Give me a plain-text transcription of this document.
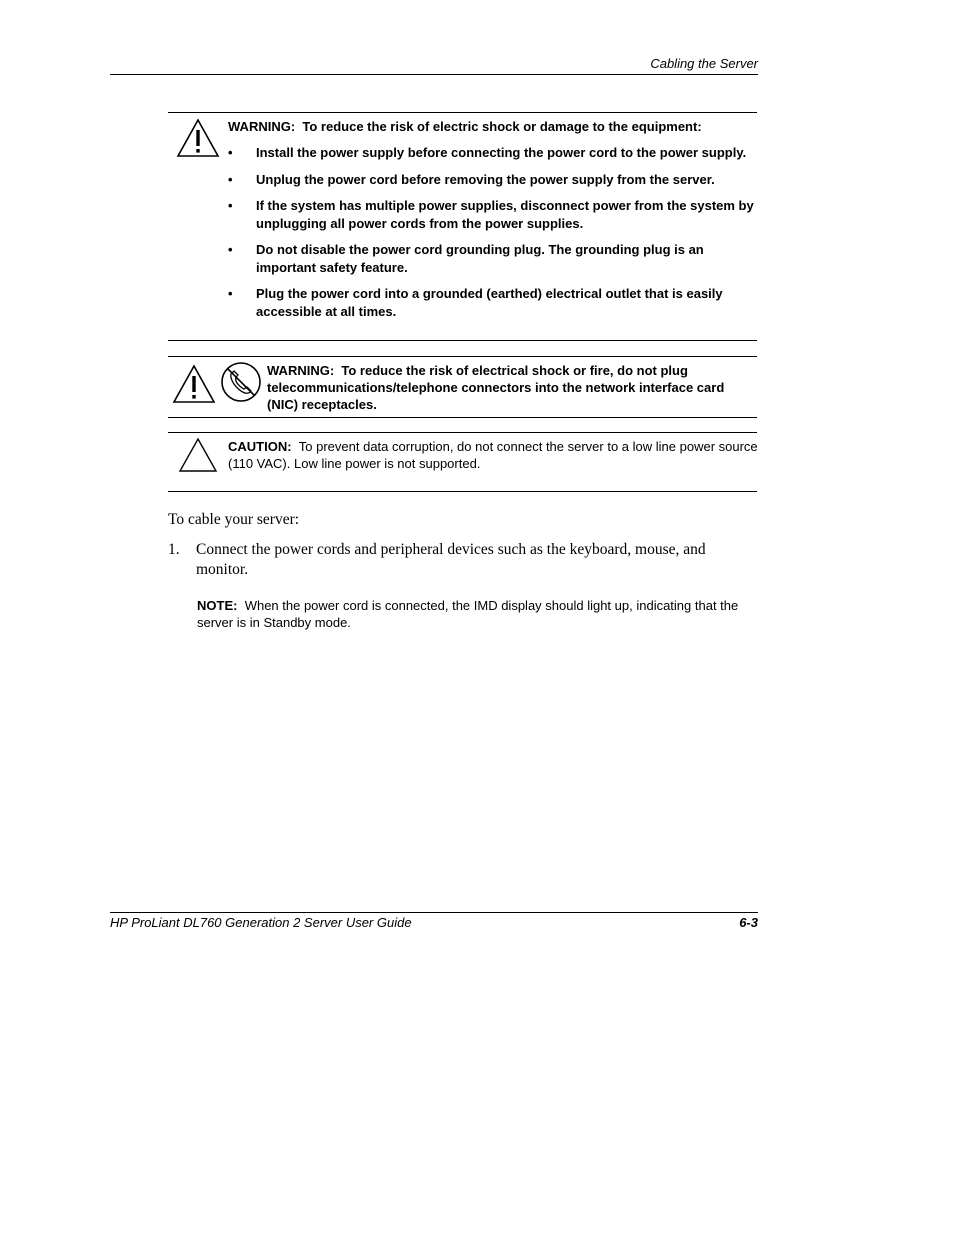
Cabling the Server
WARNING: To reduce the risk of electric shock or damage to the equipment:
• Install the power supply before connecting the power cord to the power supply.
• Unplug the power cord before removing the power supply from the server.
• If the system has multiple power supplies, disconnect power from the system by unplugging all power cords from the power supplies.
• Do not disable the power cord grounding plug. The grounding plug is an important safety feature.
• Plug the power cord into a grounded (earthed) electrical outlet that is easily accessible at all times.
WARNING: To reduce the risk of electrical shock or fire, do not plug telecommunications/telephone connectors into the network interface card (NIC) receptacles.
CAUTION: To prevent data corruption, do not connect the server to a low line power source (110 VAC). Low line power is not supported.
To cable your server:
1. Connect the power cords and peripheral devices such as the keyboard, mouse, and monitor.
NOTE: When the power cord is connected, the IMD display should light up, indicating that the server is in Standby mode.
HP ProLiant DL760 Generation 2 Server User Guide	6-3
